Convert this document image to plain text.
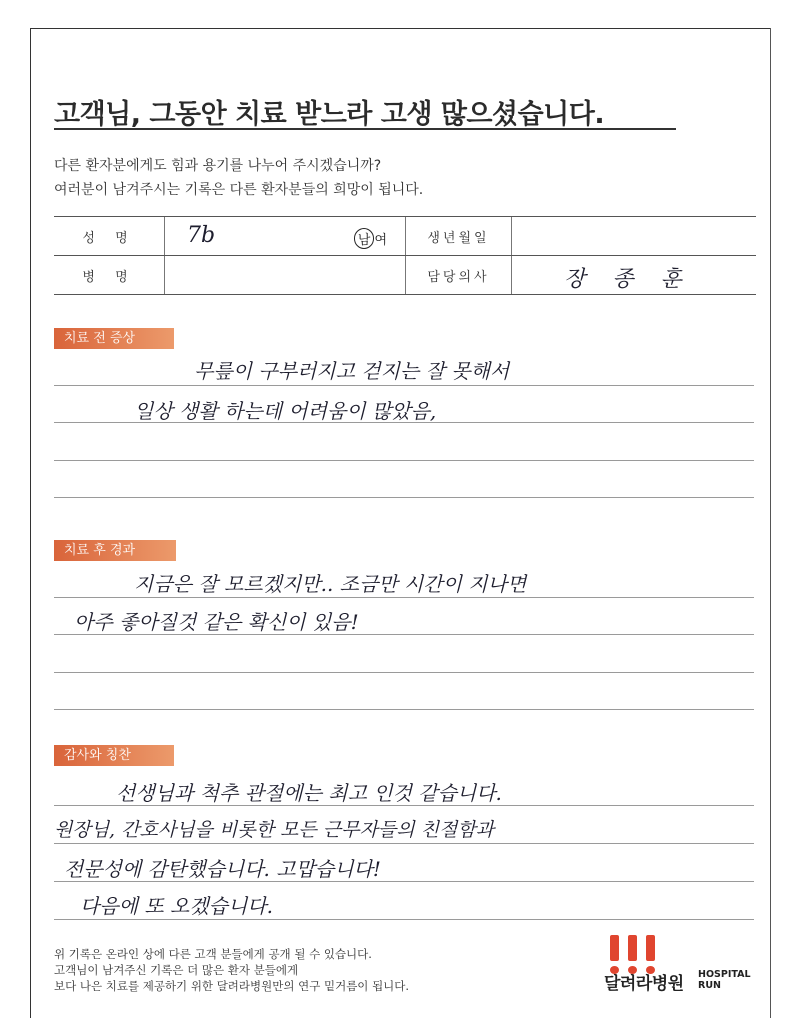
고객님, 그동안 치료 받느라 고생 많으셨습니다.
다른 환자분에게도 힘과 용기를 나누어 주시겠습니까?
여러분이 남겨주시는 기록은 다른 환자분들의 희망이 됩니다.
성 명	7b 남 여	생년월일	
병 명		담당의사	장 종 훈
치료 전 증상
무릎이 구부러지고 걷지는 잘 못해서
일상 생활 하는데 어려움이 많았음,
치료 후 경과
지금은 잘 모르겠지만.. 조금만 시간이 지나면
아주 좋아질것 같은 확신이 있음!
감사와 칭찬
선생님과 척추 관절에는 최고 인것 같습니다.
원장님, 간호사님을 비롯한 모든 근무자들의 친절함과
전문성에 감탄했습니다. 고맙습니다!
다음에 또 오겠습니다.
위 기록은 온라인 상에 다른 고객 분들에게 공개 될 수 있습니다.
고객님이 남겨주신 기록은 더 많은 환자 분들에게
보다 나은 치료를 제공하기 위한 달려라병원만의 연구 밑거름이 됩니다.	달려라병원 HOSPITAL
RUN
